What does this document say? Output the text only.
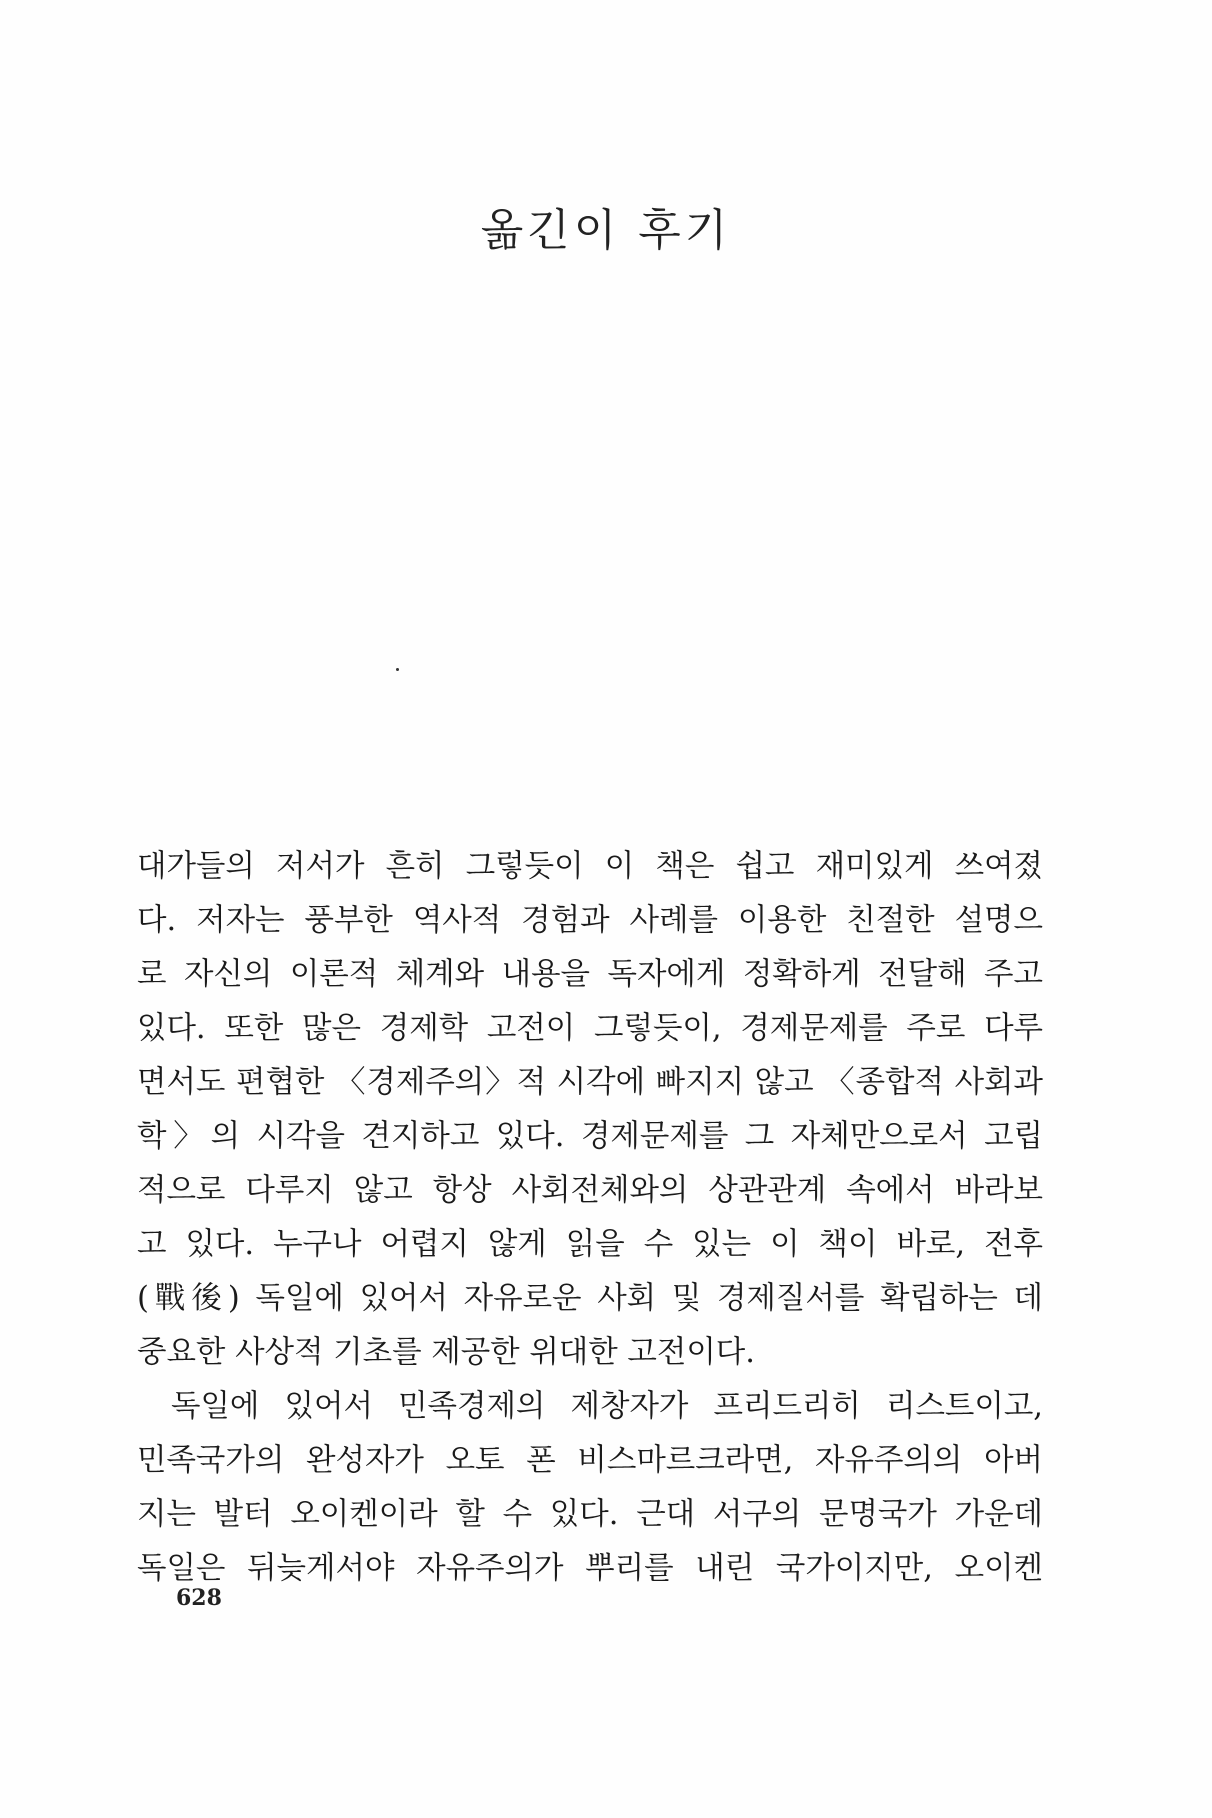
옮긴이 후기
대가들의 저서가 흔히 그렇듯이 이 책은 쉽고 재미있게 쓰여졌
다. 저자는 풍부한 역사적 경험과 사례를 이용한 친절한 설명으
로 자신의 이론적 체계와 내용을 독자에게 정확하게 전달해 주고
있다. 또한 많은 경제학 고전이 그렇듯이, 경제문제를 주로 다루
면서도 편협한 〈경제주의〉적 시각에 빠지지 않고 〈종합적 사회과
학〉의 시각을 견지하고 있다. 경제문제를 그 자체만으로서 고립
적으로 다루지 않고 항상 사회전체와의 상관관계 속에서 바라보
고 있다. 누구나 어렵지 않게 읽을 수 있는 이 책이 바로, 전후
(戰後) 독일에 있어서 자유로운 사회 및 경제질서를 확립하는 데
중요한 사상적 기초를 제공한 위대한 고전이다.
독일에 있어서 민족경제의 제창자가 프리드리히 리스트이고,
민족국가의 완성자가 오토 폰 비스마르크라면, 자유주의의 아버
지는 발터 오이켄이라 할 수 있다. 근대 서구의 문명국가 가운데
독일은 뒤늦게서야 자유주의가 뿌리를 내린 국가이지만, 오이켄
628
